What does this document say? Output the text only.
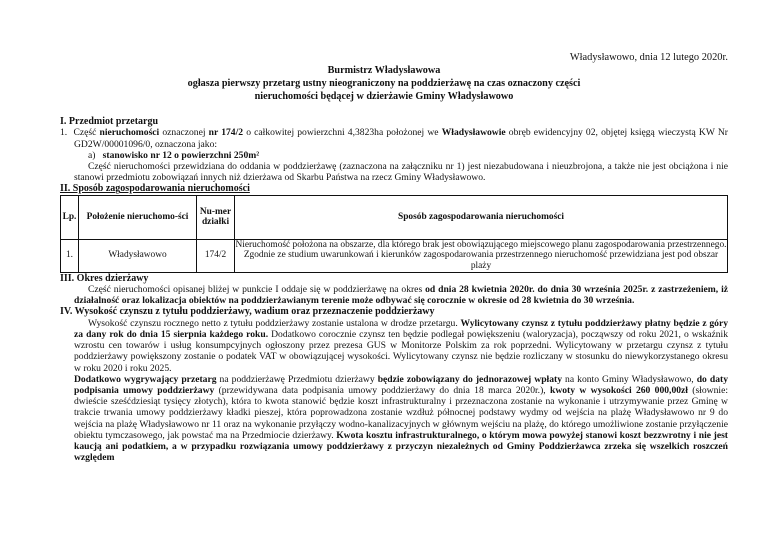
Władysławowo, dnia 12 lutego 2020r.
Burmistrz Władysławowa
ogłasza pierwszy przetarg ustny nieograniczony na poddzierżawę na czas oznaczony części
nieruchomości będącej w dzierżawie Gminy Władysławowo
I. Przedmiot przetargu
1. Część nieruchomości oznaczonej nr 174/2 o całkowitej powierzchni 4,3823ha położonej we Władysławowie obręb ewidencyjny 02, objętej księgą wieczystą KW Nr GD2W/00001096/0, oznaczona jako:
a) stanowisko nr 12 o powierzchni 250m²
Część nieruchomości przewidziana do oddania w poddzierżawę (zaznaczona na załączniku nr 1) jest niezabudowana i nieuzbrojona, a także nie jest obciążona i nie stanowi przedmiotu zobowiązań innych niż dzierżawa od Skarbu Państwa na rzecz Gminy Władysławowo.
II. Sposób zagospodarowania nieruchomości
Lp.	Położenie nieruchomo-ści	Nu-mer działki	Sposób zagospodarowania nieruchomości
1.	Władysławowo	174/2	Nieruchomość położona na obszarze, dla którego brak jest obowiązującego miejscowego planu zagospodarowania przestrzennego. Zgodnie ze studium uwarunkowań i kierunków zagospodarowania przestrzennego nieruchomość przewidziana jest pod obszar plaży
III. Okres dzierżawy
Część nieruchomości opisanej bliżej w punkcie I oddaje się w poddzierżawę na okres od dnia 28 kwietnia 2020r. do dnia 30 września 2025r. z zastrzeżeniem, iż działalność oraz lokalizacja obiektów na poddzierżawianym terenie może odbywać się corocznie w okresie od 28 kwietnia do 30 września.
IV. Wysokość czynszu z tytułu poddzierżawy, wadium oraz przeznaczenie poddzierżawy
Wysokość czynszu rocznego netto z tytułu poddzierżawy zostanie ustalona w drodze przetargu. Wylicytowany czynsz z tytułu poddzierżawy płatny będzie z góry za dany rok do dnia 15 sierpnia każdego roku. Dodatkowo corocznie czynsz ten będzie podlegał powiększeniu (waloryzacja), począwszy od roku 2021, o wskaźnik wzrostu cen towarów i usług konsumpcyjnych ogłoszony przez prezesa GUS w Monitorze Polskim za rok poprzedni. Wylicytowany w przetargu czynsz z tytułu poddzierżawy powiększony zostanie o podatek VAT w obowiązującej wysokości. Wylicytowany czynsz nie będzie rozliczany w stosunku do niewykorzystanego okresu w roku 2020 i roku 2025.
Dodatkowo wygrywający przetarg na poddzierżawę Przedmiotu dzierżawy będzie zobowiązany do jednorazowej wpłaty na konto Gminy Władysławowo, do daty podpisania umowy poddzierżawy (przewidywana data podpisania umowy poddzierżawy do dnia 18 marca 2020r.), kwoty w wysokości 260 000,00zł (słownie: dwieście sześćdziesiąt tysięcy złotych), która to kwota stanowić będzie koszt infrastrukturalny i przeznaczona zostanie na wykonanie i utrzymywanie przez Gminę w trakcie trwania umowy poddzierżawy kładki pieszej, która poprowadzona zostanie wzdłuż północnej podstawy wydmy od wejścia na plażę Władysławowo nr 9 do wejścia na plażę Władysławowo nr 11 oraz na wykonanie przyłączy wodno-kanalizacyjnych w głównym wejściu na plażę, do którego umożliwione zostanie przyłączenie obiektu tymczasowego, jak powstać ma na Przedmiocie dzierżawy. Kwota kosztu infrastrukturalnego, o którym mowa powyżej stanowi koszt bezzwrotny i nie jest kaucją ani podatkiem, a w przypadku rozwiązania umowy poddzierżawy z przyczyn niezależnych od Gminy Poddzierżawca zrzeka się wszelkich roszczeń względem
